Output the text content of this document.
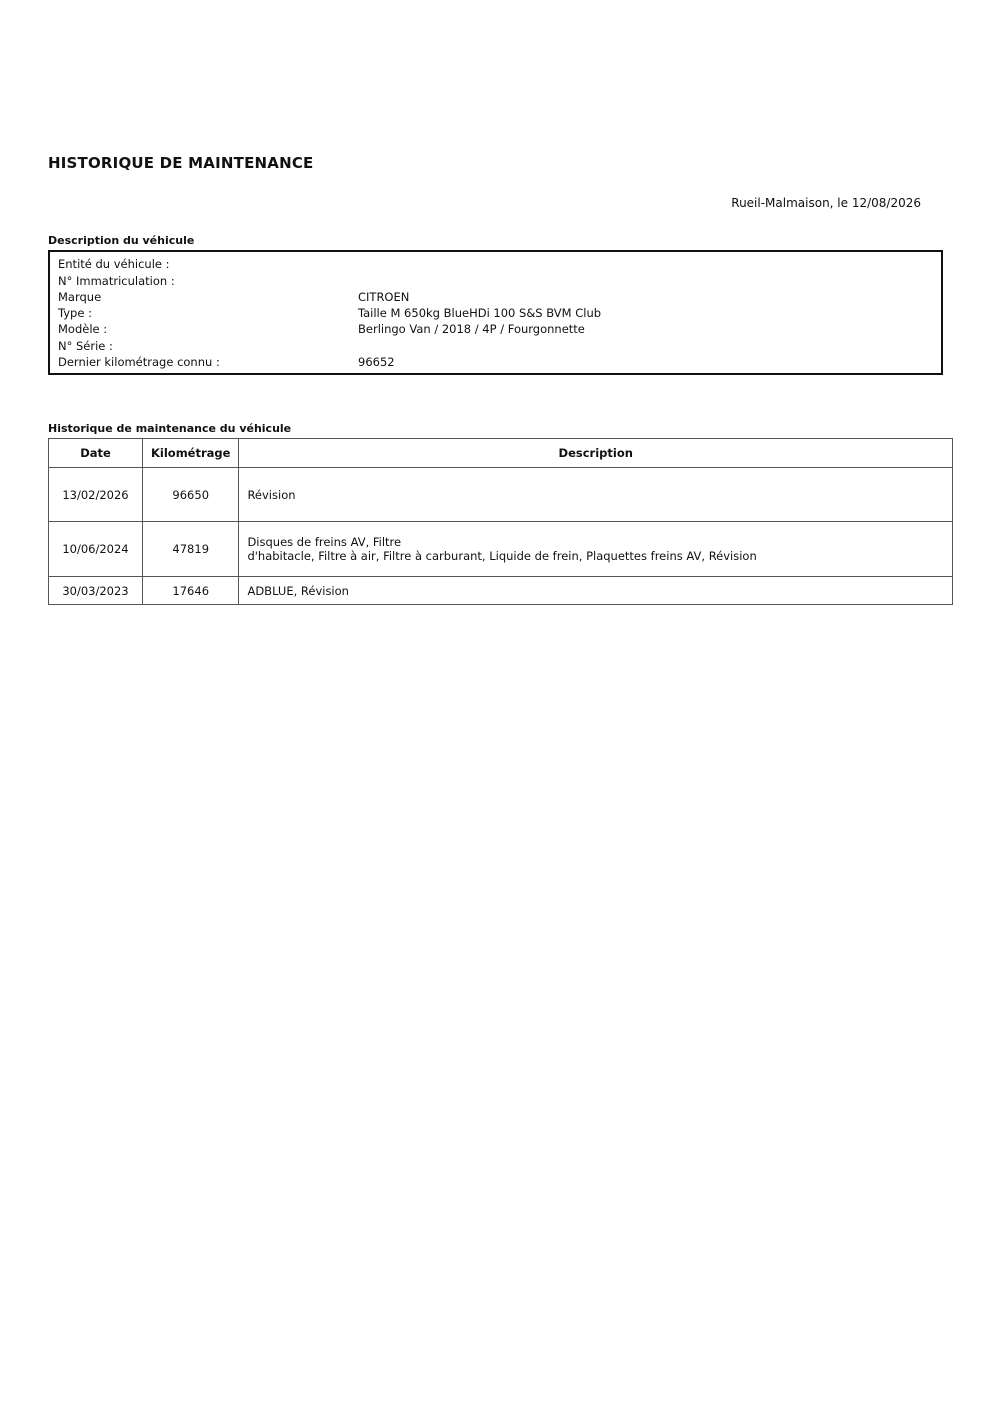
HISTORIQUE DE MAINTENANCE
Rueil-Malmaison, le 12/08/2026
Description du véhicule
Entité du véhicule :
N° Immatriculation :
Marque	CITROEN
Type :	Taille M 650kg BlueHDi 100 S&S BVM Club
Modèle :	Berlingo Van / 2018 / 4P / Fourgonnette
N° Série :
Dernier kilométrage connu :	96652
Historique de maintenance du véhicule
Date	Kilométrage	Description
13/02/2026	96650	Révision

10/06/2024	47819	Disques de freins AV, Filtre
d'habitacle, Filtre à air, Filtre à carburant, Liquide de frein, Plaquettes freins AV, Révision

30/03/2023	17646	ADBLUE, Révision
